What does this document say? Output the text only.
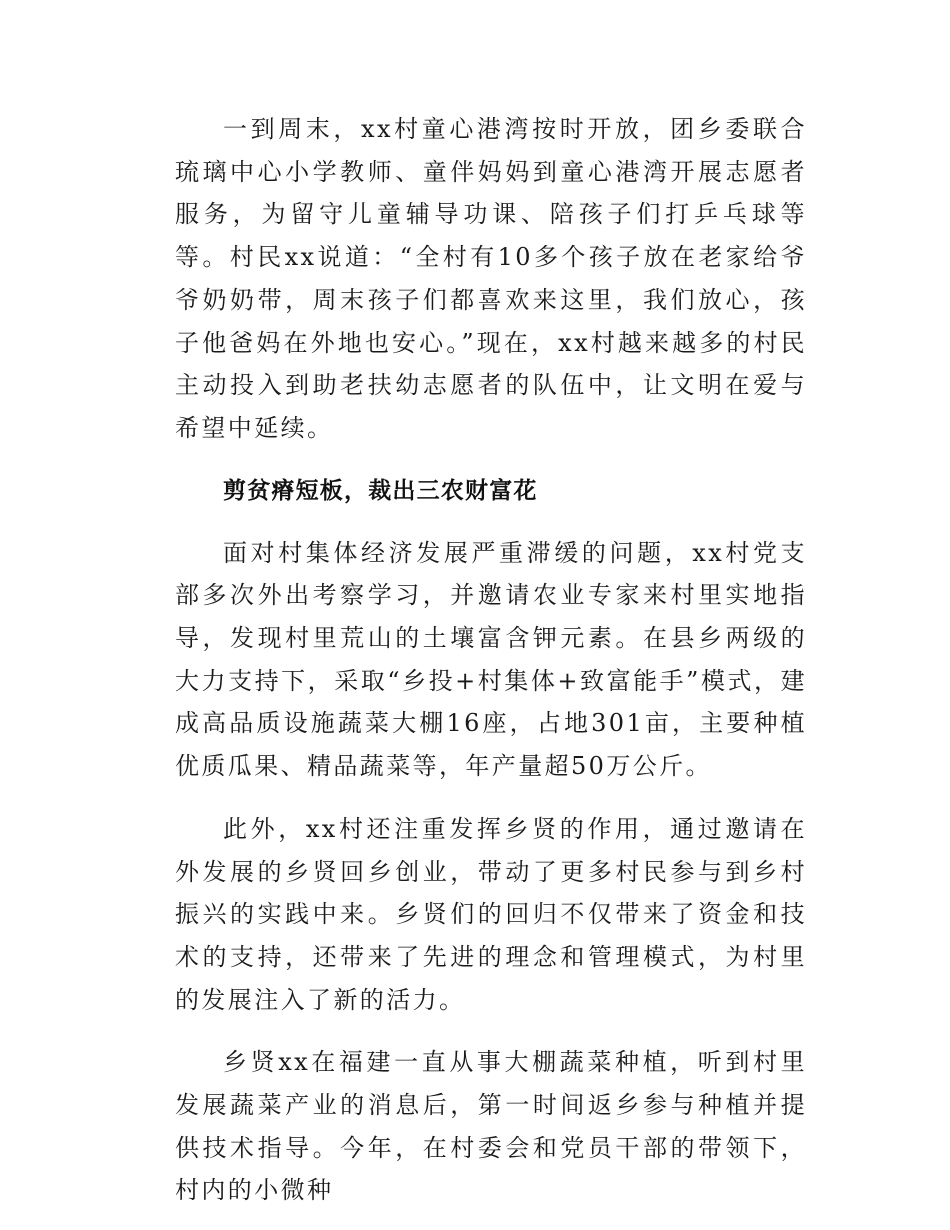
一到周末，xx村童心港湾按时开放，团乡委联合琉璃中心小学教师、童伴妈妈到童心港湾开展志愿者服务，为留守儿童辅导功课、陪孩子们打乒乓球等等。村民xx说道：“全村有10多个孩子放在老家给爷爷奶奶带，周末孩子们都喜欢来这里，我们放心，孩子他爸妈在外地也安心。”现在，xx村越来越多的村民主动投入到助老扶幼志愿者的队伍中，让文明在爱与希望中延续。

剪贫瘠短板，裁出三农财富花

面对村集体经济发展严重滞缓的问题，xx村党支部多次外出考察学习，并邀请农业专家来村里实地指导，发现村里荒山的土壤富含钾元素。在县乡两级的大力支持下，采取“乡投+村集体+致富能手”模式，建成高品质设施蔬菜大棚16座，占地301亩，主要种植优质瓜果、精品蔬菜等，年产量超50万公斤。

此外，xx村还注重发挥乡贤的作用，通过邀请在外发展的乡贤回乡创业，带动了更多村民参与到乡村振兴的实践中来。乡贤们的回归不仅带来了资金和技术的支持，还带来了先进的理念和管理模式，为村里的发展注入了新的活力。

乡贤xx在福建一直从事大棚蔬菜种植，听到村里发展蔬菜产业的消息后，第一时间返乡参与种植并提供技术指导。今年，在村委会和党员干部的带领下，村内的小微种
